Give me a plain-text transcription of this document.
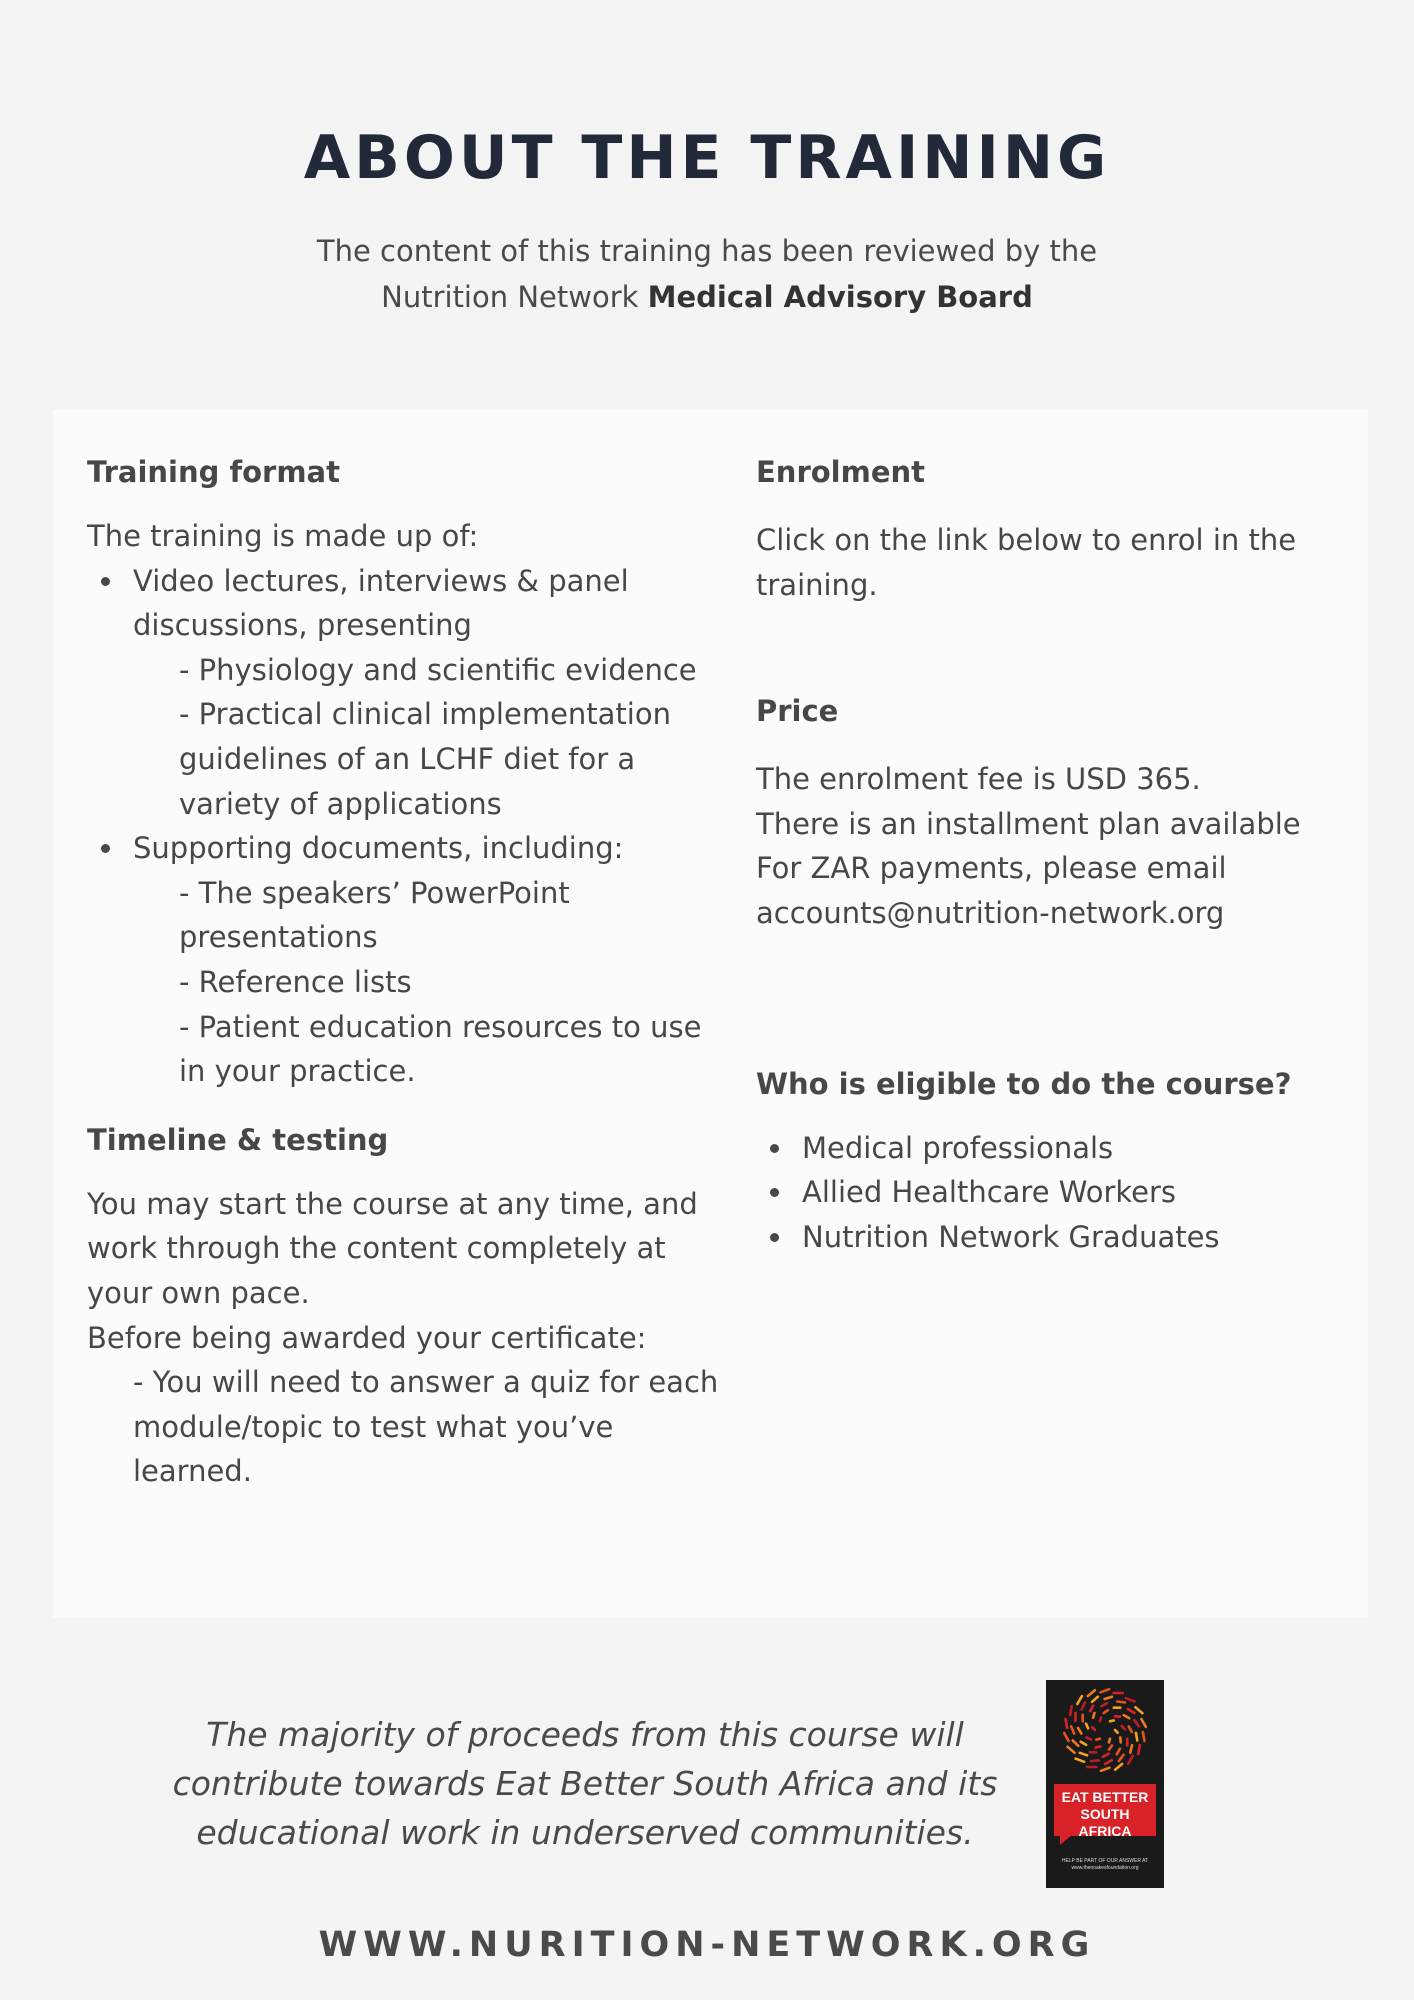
ABOUT THE TRAINING
The content of this training has been reviewed by the
Nutrition Network Medical Advisory Board
Training format

The training is made up of:

Video lectures, interviews & panel discussions, presenting
- Physiology and scientific evidence
- Practical clinical implementation guidelines of an LCHF diet for a variety of applications
Supporting documents, including:
- The speakers’ PowerPoint presentations
- Reference lists
- Patient education resources to use in your practice.
Timeline & testing

You may start the course at any time, and work through the content completely at your own pace.

Before being awarded your certificate:

- You will need to answer a quiz for each module/topic to test what you’ve learned.

Enrolment

Click on the link below to enrol in the training.

Price

The enrolment fee is USD 365.

There is an installment plan available

For ZAR payments, please email

accounts@nutrition-network.org

Who is eligible to do the course?
Medical professionals
Allied Healthcare Workers
Nutrition Network Graduates
The majority of proceeds from this course will contribute towards Eat Better South Africa and its educational work in underserved communities.
EAT BETTER
SOUTH AFRICA
HELP BE PART OF OUR ANSWER AT www.thenoakesfoundation.org
WWW.NURITION-NETWORK.ORG
